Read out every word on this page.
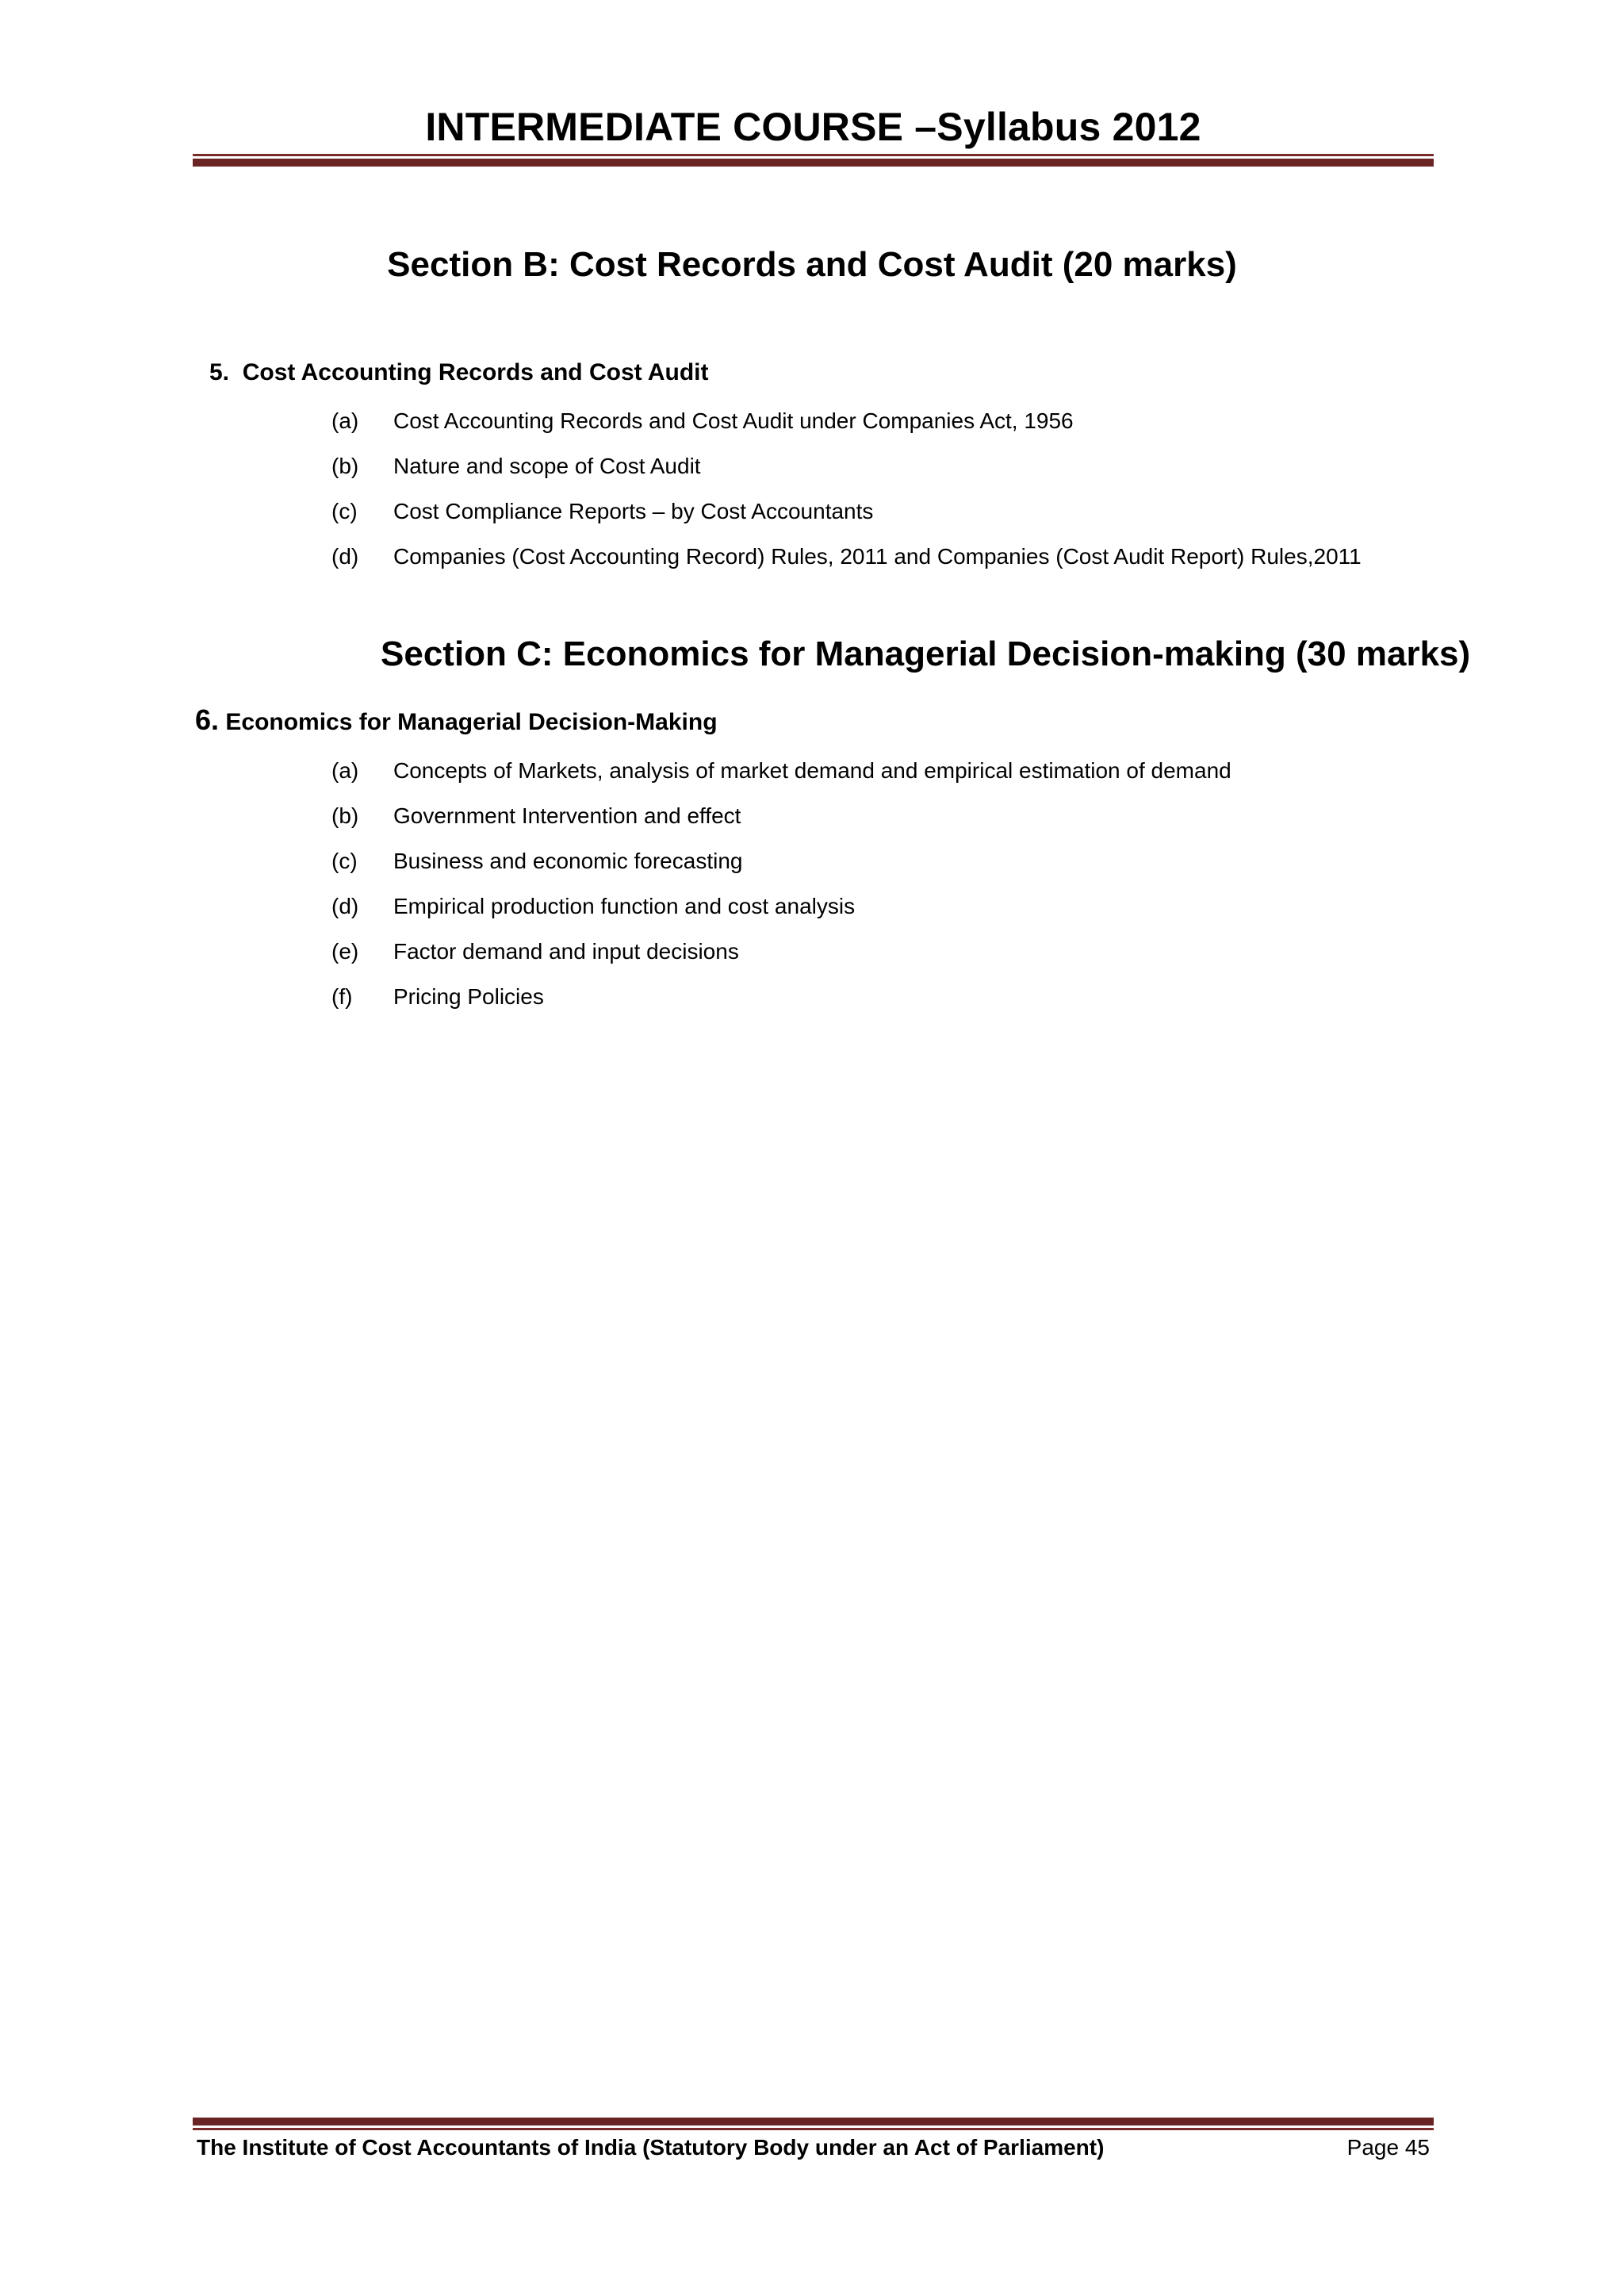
INTERMEDIATE COURSE –Syllabus 2012
Section B: Cost Records and Cost Audit (20 marks)
5. Cost Accounting Records and Cost Audit
(a) Cost Accounting Records and Cost Audit under Companies Act, 1956
(b) Nature and scope of Cost Audit
(c) Cost Compliance Reports – by Cost Accountants
(d) Companies (Cost Accounting Record) Rules, 2011 and Companies (Cost Audit Report) Rules,2011
Section C: Economics for Managerial Decision-making (30 marks)
6. Economics for Managerial Decision-Making
(a) Concepts of Markets, analysis of market demand and empirical estimation of demand
(b) Government Intervention and effect
(c) Business and economic forecasting
(d) Empirical production function and cost analysis
(e) Factor demand and input decisions
(f) Pricing Policies
The Institute of Cost Accountants of India (Statutory Body under an Act of Parliament)	Page 45
